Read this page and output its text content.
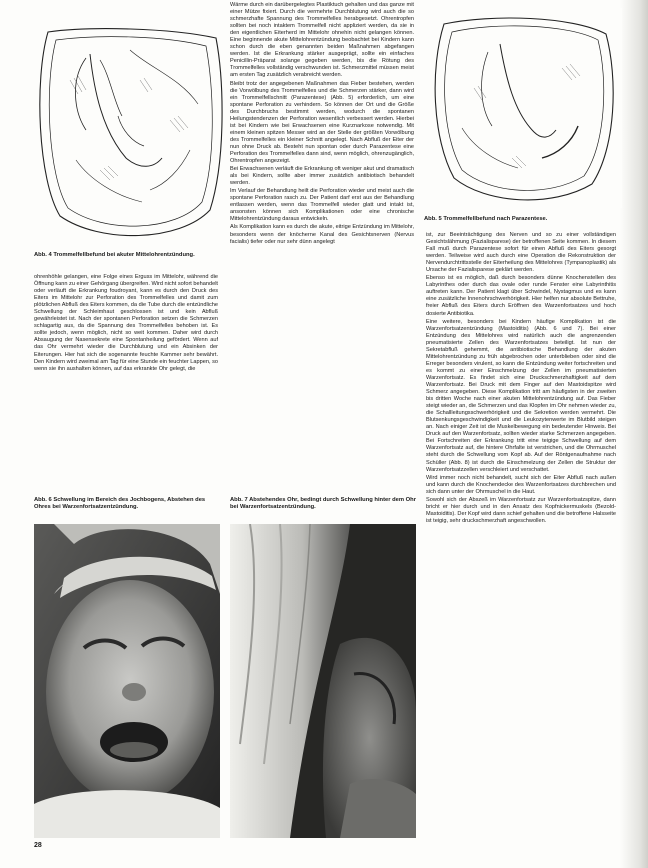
Abb. 4 Trommelfellbefund bei akuter Mittelohrentzündung.
Abb. 5 Trommelfellbefund nach Parazentese.

ohrenhöhle gelangen, eine Folge eines Erguss im Mittelohr, während die Öffnung kann zu einer Gehörgang übergreifen. Wird nicht sofort behandelt oder verläuft die Erkrankung foudroyant, kann es durch den Druck des Eiters im Mittelohr zur Perforation des Trommelfelles und damit zum plötzlichen Abfluß des Eiters kommen, da die Tube durch die entzündliche Schwellung der Schleimhaut geschlossen ist und kein Abfluß gewährleistet ist. Nach der spontanen Perforation setzen die Schmerzen schlagartig aus, da die Spannung des Trommelfelles behoben ist. Es sollte jedoch, wenn möglich, nicht so weit kommen. Daher wird durch Absaugung der Nasensekrete eine Spontanheilung gefördert. Wenn auf das Ohr vermehrt wieder die Durchblutung und ein Absinken der Eiterungen. Hier hat sich die sogenannte feuchte Kammer sehr bewährt. Den Kindern wird zweimal am Tag für eine Stunde ein feuchter Lappen, so wenn sie ihn aushalten können, auf das erkrankte Ohr gelegt, die

Wärme durch ein darübergelegtes Plastiktuch gehalten und das ganze mit einer Mütze fixiert. Durch die vermehrte Durchblutung wird auch die so schmerzhafte Spannung des Trommelfelles herabgesetzt. Ohrentropfen sollten bei noch intaktem Trommelfell nicht appliziert werden, da sie in den eigentlichen Eiterherd im Mittelohr ohnehin nicht gelangen können. Eine beginnende akute Mittelohrentzündung beobachtet bei Kindern kann schon durch die eben genannten beiden Maßnahmen abgefangen werden. Ist die Erkrankung stärker ausgeprägt, sollte ein einfaches Penicillin-Präparat solange gegeben werden, bis die Rötung des Trommelfelles vollständig verschwunden ist. Schmerzmittel müssen meist am ersten Tag zusätzlich verabreicht werden.

Bleibt trotz der angegebenen Maßnahmen das Fieber bestehen, werden die Vorwölbung des Trommelfelles und die Schmerzen stärker, dann wird ein Trommelfellschnitt (Parazentese) (Abb. 5) erforderlich, um eine spontane Perforation zu verhindern. So können der Ort und die Größe des Durchbruchs bestimmt werden, wodurch die spontanen Heilungstendenzen der Perforation wesentlich verbessert werden. Hierbei ist bei Kindern wie bei Erwachsenen eine Kurznarkose notwendig. Mit einem kleinen spitzen Messer wird an der Stelle der größten Vorwölbung des Trommelfelles ein kleiner Schnitt angelegt. Nach Abfluß der Eiter der nun ohne Druck ab. Besteht nun spontan oder durch Parazentese eine Perforation des Trommelfelles dann sind, wenn möglich, ohrenzugänglich, Ohrentropfen angezeigt.

Bei Erwachsenen verläuft die Erkrankung oft weniger akut und dramatisch als bei Kindern, sollte aber immer zusätzlich antibiotisch behandelt werden.

Im Verlauf der Behandlung heilt die Perforation wieder und meist auch die spontane Perforation rasch zu. Der Patient darf erst aus der Behandlung entlassen werden, wenn das Trommelfell wieder glatt und intakt ist, ansonsten können sich Komplikationen oder eine chronische Mittelohrentzündung daraus entwickeln.

Als Komplikation kann es durch die akute, eitrige Entzündung im Mittelohr, besonders wenn der knöcherne Kanal des Gesichtsnerven (Nervus facialis) tiefer oder nur sehr dünn angelegt

ist, zur Beeinträchtigung des Nerven und so zu einer vollständigen Gesichtslähmung (Fazialisparese) der betroffenen Seite kommen. In diesem Fall muß durch Parazentese sofort für einen Abfluß des Eiters gesorgt werden. Teilweise wird auch durch eine Operation die Rekonstruktion der Nervendurchtrittsstelle der Eiterheilung des Mittelohres (Tympanoplastik) als Ursache der Fazialisparese geklärt werden.

Ebenso ist es möglich, daß durch besonders dünne Knochenstellen des Labyrinthes oder durch das ovale oder runde Fenster eine Labyrinthitis auftreten kann. Der Patient klagt über Schwindel, Nystagmus und es kann eine zusätzliche Innenohrschwerhörigkeit. Hier helfen nur absolute Bettruhe, freier Abfluß des Eiters durch Eröffnen des Warzenfortsatzes und hoch dosierte Antibiotika.

Eine weitere, besonders bei Kindern häufige Komplikation ist die Warzenfortsatzentzündung (Mastoiditis) (Abb. 6 und 7). Bei einer Entzündung des Mittelohres wird natürlich auch die angrenzenden pneumatisierte Zellen des Warzenfortsatzes beteiligt. Ist nun der Sekretabfluß gehemmt, die antibiotische Behandlung der akuten Mittelohrentzündung zu früh abgebrochen oder unterblieben oder sind die Erreger besonders virulent, so kann die Entzündung weiter fortschreiten und es kommt zu einer Einschmelzung der Zellen im pneumatisierten Warzenfortsatz. Es findet sich eine Druckschmerzhaftigkeit auf dem Warzenfortsatz. Bei Druck mit dem Finger auf den Mastoidspitze wird Schmerz angegeben. Diese Komplikation tritt am häufigsten in der zweiten bis dritten Woche nach einer akuten Mittelohrentzündung auf. Das Fieber steigt wieder an, die Schmerzen und das Klopfen im Ohr nehmen wieder zu, die Schallleitungsschwerhörigkeit und die Sekretion werden vermehrt. Die Blutsenkungsgeschwindigkeit und die Leukozytenwerte im Blutbild steigen an. Nach einiger Zeit ist die Muskelbewegung ein bedeutender Hinweis. Bei Druck auf den Warzenfortsatz, sollten wieder starke Schmerzen angegeben. Bei Fortschreiten der Erkrankung tritt eine teigige Schwellung auf dem Warzenfortsatz auf, die hintere Ohrfalte ist verstrichen, und die Ohrmuschel steht durch die Schwellung vom Kopf ab. Auf der Röntgenaufnahme nach Schüller (Abb. 8) ist durch die Einschmelzung der Zellen die Struktur der Warzenfortsatzzellen verschleiert und verschattet.

Wird immer noch nicht behandelt, sucht sich der Eiter Abfluß nach außen und kann durch die Knochendecke des Warzenfortsatzes durchbrechen und sich dann unter der Ohrmuschel in die Haut.

Sowohl sich der Abszeß im Warzenfortsatz zur Warzenfortsatzspitze, dann bricht er hier durch und in den Ansatz des Kopfnickermuskels (Bezold-Mastoiditis). Der Kopf wird dann schief gehalten und die betroffene Halsseite ist teigig, sehr druckschmerzhaft angeschwollen.

Abb. 6 Schwellung im Bereich des Jochbogens, Abstehen des Ohres bei Warzenfortsatzentzündung.
Abb. 7 Abstehendes Ohr, bedingt durch Schwellung hinter dem Ohr bei Warzenfortsatzentzündung.
28
